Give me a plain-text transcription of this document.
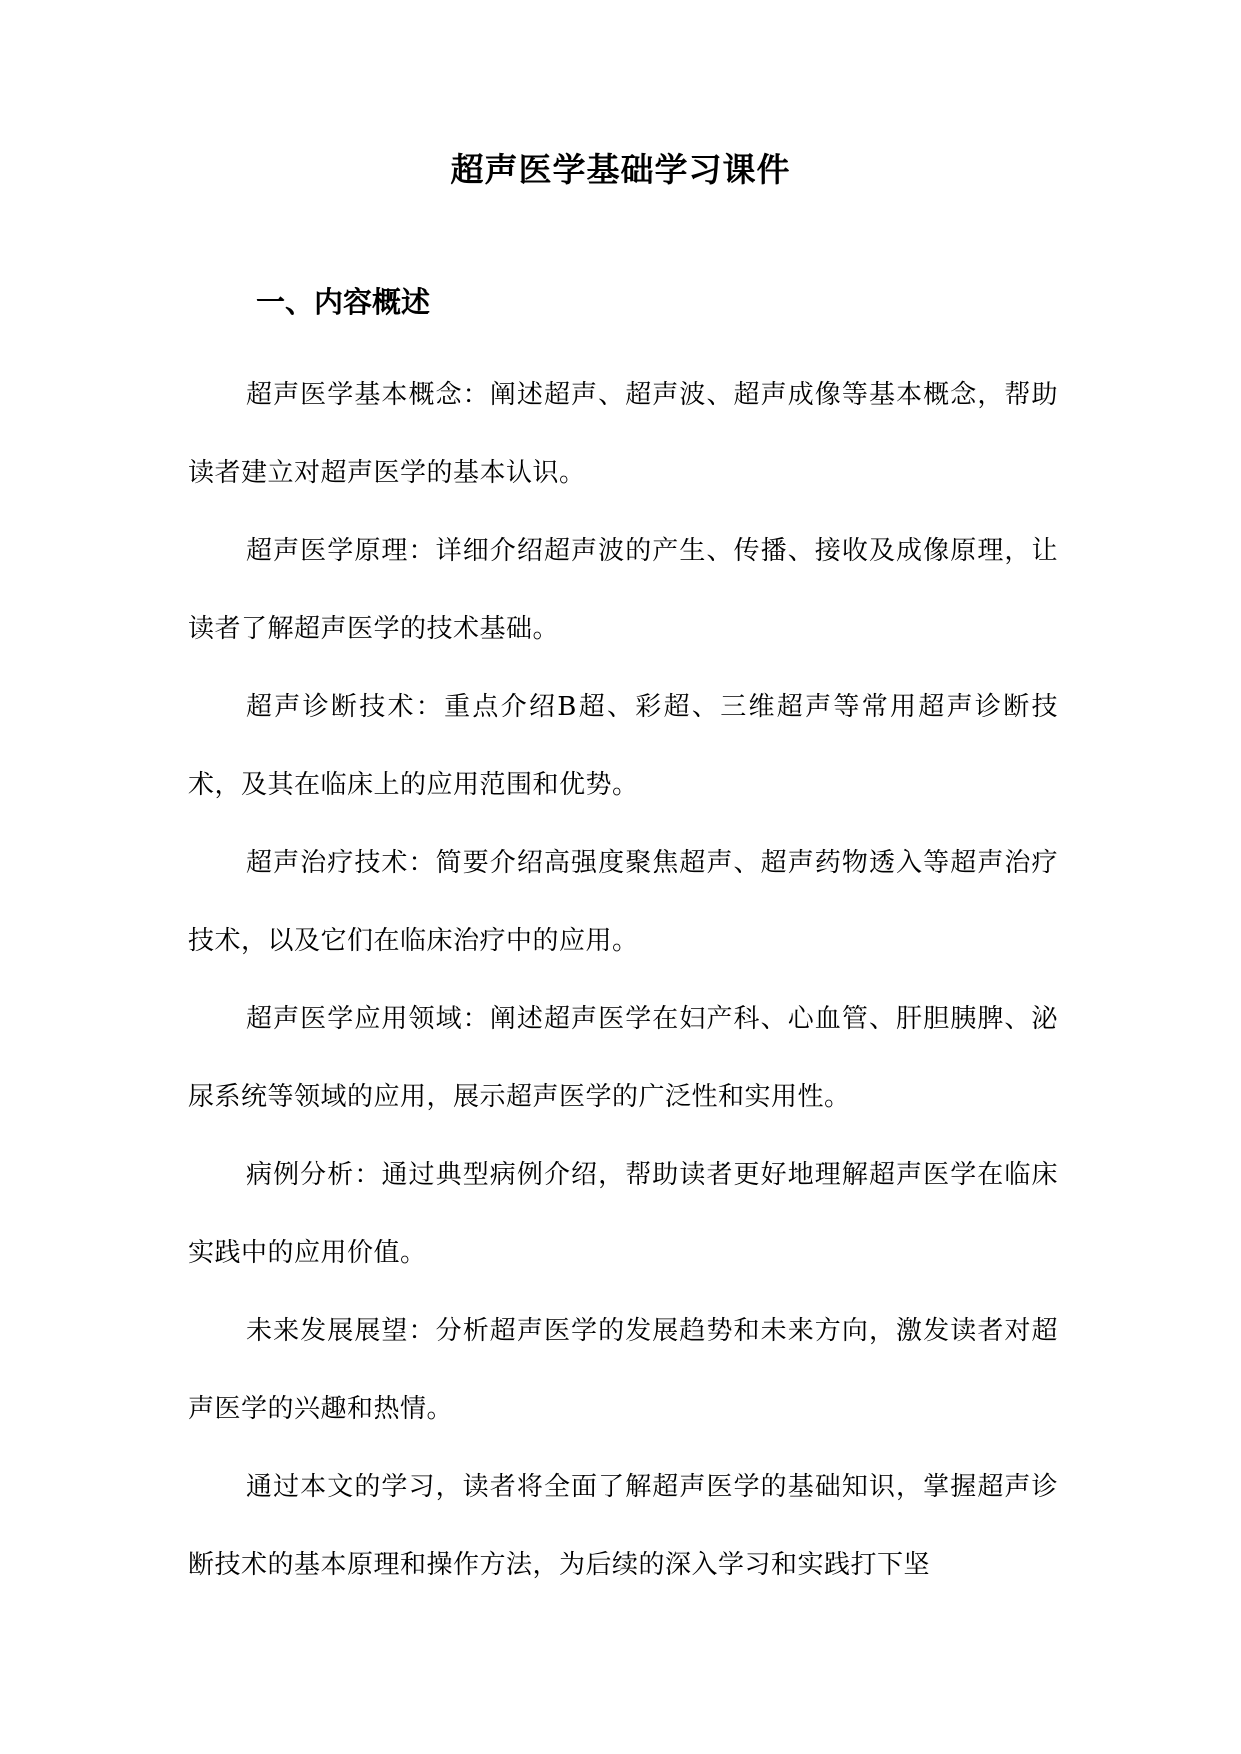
超声医学基础学习课件
一、内容概述

超声医学基本概念：阐述超声、超声波、超声成像等基本概念，帮助读者建立对超声医学的基本认识。

超声医学原理：详细介绍超声波的产生、传播、接收及成像原理，让读者了解超声医学的技术基础。

超声诊断技术：重点介绍B超、彩超、三维超声等常用超声诊断技术，及其在临床上的应用范围和优势。

超声治疗技术：简要介绍高强度聚焦超声、超声药物透入等超声治疗技术，以及它们在临床治疗中的应用。

超声医学应用领域：阐述超声医学在妇产科、心血管、肝胆胰脾、泌尿系统等领域的应用，展示超声医学的广泛性和实用性。

病例分析：通过典型病例介绍，帮助读者更好地理解超声医学在临床实践中的应用价值。

未来发展展望：分析超声医学的发展趋势和未来方向，激发读者对超声医学的兴趣和热情。

通过本文的学习，读者将全面了解超声医学的基础知识，掌握超声诊断技术的基本原理和操作方法，为后续的深入学习和实践打下坚
